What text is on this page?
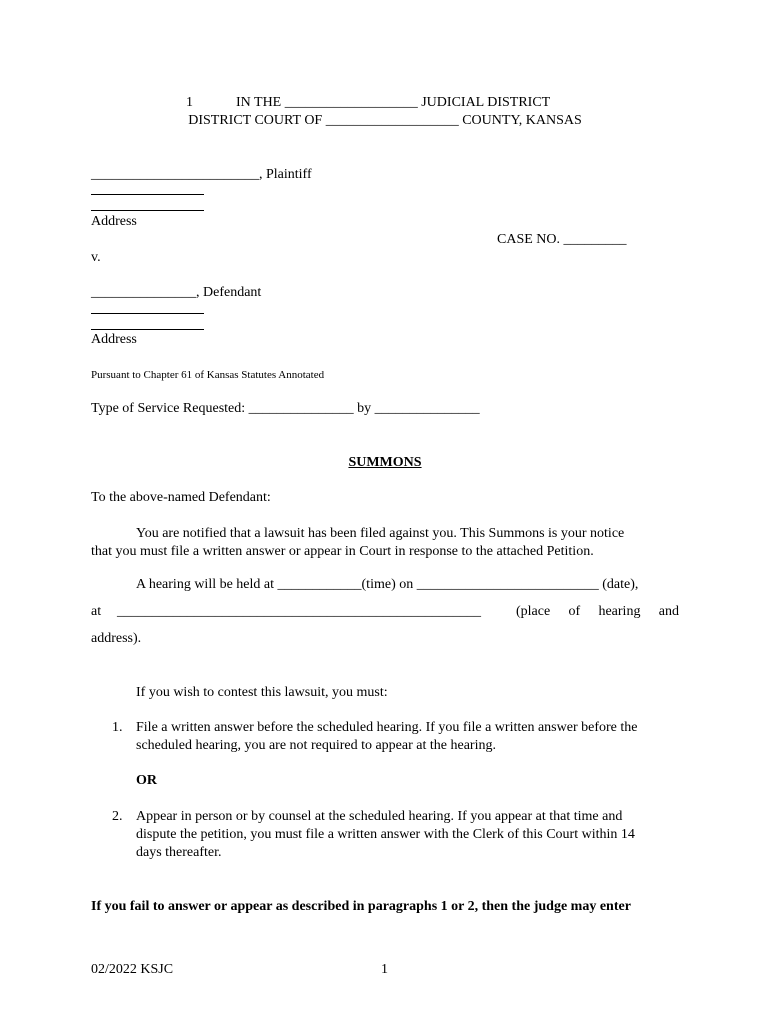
1	IN THE ___________________ JUDICIAL DISTRICT
DISTRICT COURT OF ___________________ COUNTY, KANSAS
________________________, Plaintiff
Address
CASE NO. _________
v.
_______________, Defendant
Address
Pursuant to Chapter 61 of Kansas Statutes Annotated
Type of Service Requested: _______________ by _______________
SUMMONS
To the above-named Defendant:
You are notified that a lawsuit has been filed against you. This Summons is your notice
that you must file a written answer or appear in Court in response to the attached Petition.
A hearing will be held at ____________(time) on __________________________ (date),
at ____________________________________________________	(place of hearing and
address).
If you wish to contest this lawsuit, you must:
1. File a written answer before the scheduled hearing. If you file a written answer before the
scheduled hearing, you are not required to appear at the hearing.
OR
2. Appear in person or by counsel at the scheduled hearing. If you appear at that time and
dispute the petition, you must file a written answer with the Clerk of this Court within 14
days thereafter.
If you fail to answer or appear as described in paragraphs 1 or 2, then the judge may enter
02/2022 KSJC	1
